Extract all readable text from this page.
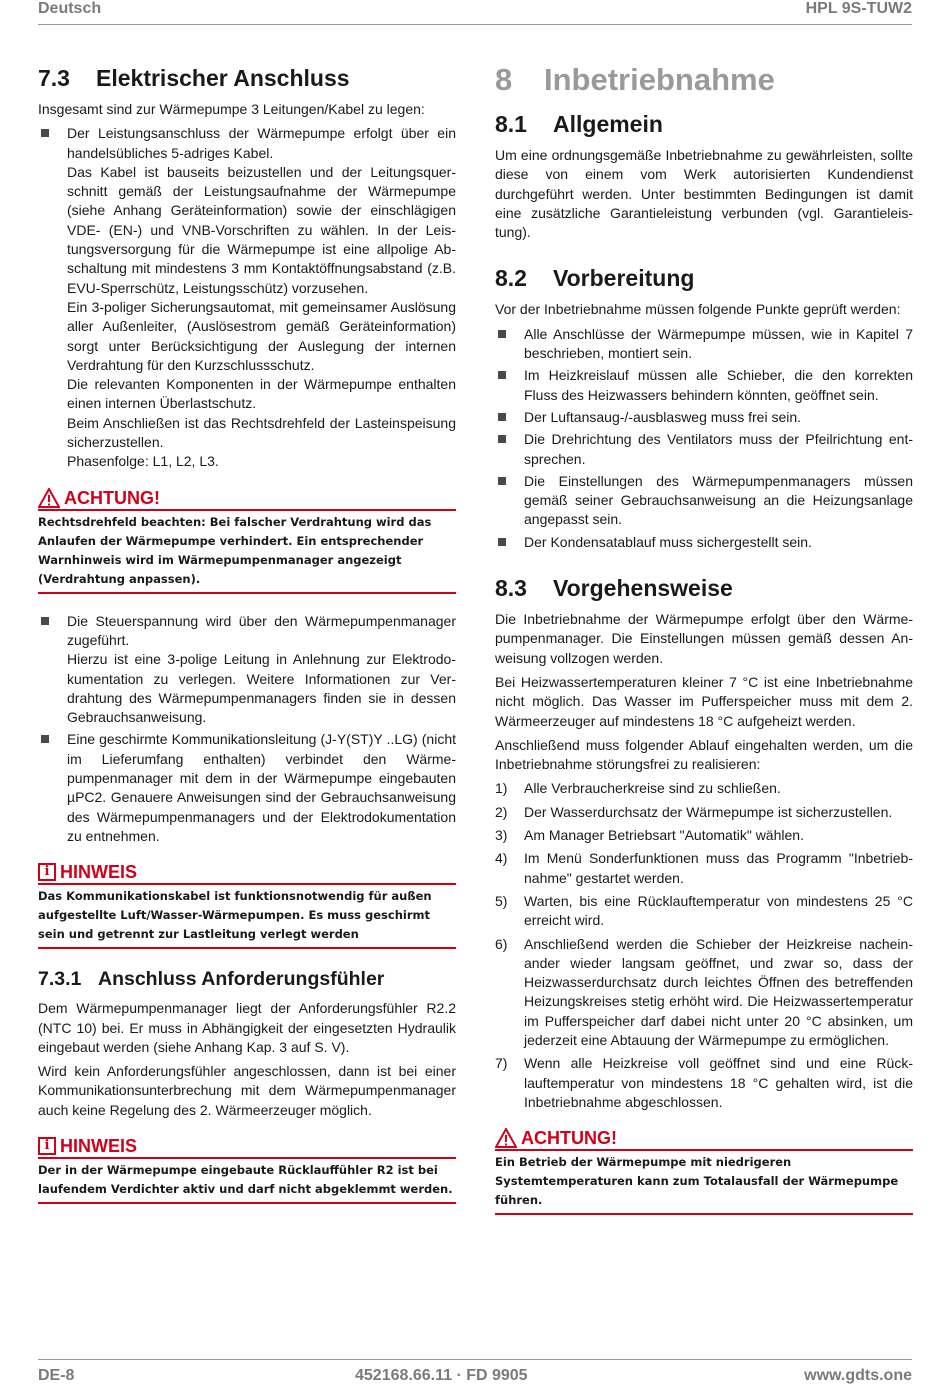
Deutsch	HPL 9S-TUW2
7.3 Elektrischer Anschluss

Insgesamt sind zur Wärmepumpe 3 Leitungen/Kabel zu legen:

Der Leistungsanschluss der Wärmepumpe erfolgt über ein handelsübliches 5-adriges Kabel.

Das Kabel ist bauseits beizustellen und der Leitungsquerschnitt gemäß der Leistungsaufnahme der Wärmepumpe (siehe Anhang Geräteinformation) sowie der einschlägigen VDE- (EN-) und VNB-Vorschriften zu wählen. In der Leistungsversorgung für die Wärmepumpe ist eine allpolige Abschaltung mit mindestens 3 mm Kontaktöffnungsabstand (z.B. EVU-Sperrschütz, Leistungsschütz) vorzusehen.

Ein 3-poliger Sicherungsautomat, mit gemeinsamer Auslösung aller Außenleiter, (Auslösestrom gemäß Geräteinformation) sorgt unter Berücksichtigung der Auslegung der internen Verdrahtung für den Kurzschlussschutz.

Die relevanten Komponenten in der Wärmepumpe enthalten einen internen Überlastschutz.

Beim Anschließen ist das Rechtsdrehfeld der Lasteinspeisung sicherzustellen.

Phasenfolge: L1, L2, L3.

ACHTUNG!
Rechtsdrehfeld beachten: Bei falscher Verdrahtung wird das Anlaufen der Wärmepumpe verhindert. Ein entsprechender Warnhinweis wird im Wärmepumpenmanager angezeigt (Verdrahtung anpassen).

Die Steuerspannung wird über den Wärmepumpenmanager zugeführt.

Hierzu ist eine 3-polige Leitung in Anlehnung zur Elektrodokumentation zu verlegen. Weitere Informationen zur Verdrahtung des Wärmepumpenmanagers finden sie in dessen Gebrauchsanweisung.

Eine geschirmte Kommunikationsleitung (J-Y(ST)Y ..LG) (nicht im Lieferumfang enthalten) verbindet den Wärmepumpenmanager mit dem in der Wärmepumpe eingebauten µPC2. Genauere Anweisungen sind der Gebrauchsanweisung des Wärmepumpenmanagers und der Elektrodokumentation zu entnehmen.

i HINWEIS
Das Kommunikationskabel ist funktionsnotwendig für außen aufgestellte Luft/Wasser-Wärmepumpen. Es muss geschirmt sein und getrennt zur Lastleitung verlegt werden
7.3.1 Anschluss Anforderungsfühler

Dem Wärmepumpenmanager liegt der Anforderungsfühler R2.2 (NTC 10) bei. Er muss in Abhängigkeit der eingesetzten Hydraulik eingebaut werden (siehe Anhang Kap. 3 auf S. V).

Wird kein Anforderungsfühler angeschlossen, dann ist bei einer Kommunikationsunterbrechung mit dem Wärmepumpenmanager auch keine Regelung des 2. Wärmeerzeuger möglich.

i HINWEIS
Der in der Wärmepumpe eingebaute Rücklauffühler R2 ist bei laufendem Verdichter aktiv und darf nicht abgeklemmt werden.
8 Inbetriebnahme
8.1 Allgemein

Um eine ordnungsgemäße Inbetriebnahme zu gewährleisten, sollte diese von einem vom Werk autorisierten Kundendienst durchgeführt werden. Unter bestimmten Bedingungen ist damit eine zusätzliche Garantieleistung verbunden (vgl. Garantieleistung).

8.2 Vorbereitung

Vor der Inbetriebnahme müssen folgende Punkte geprüft werden:

Alle Anschlüsse der Wärmepumpe müssen, wie in Kapitel 7 beschrieben, montiert sein.

Im Heizkreislauf müssen alle Schieber, die den korrekten Fluss des Heizwassers behindern könnten, geöffnet sein.

Der Luftansaug-/-ausblasweg muss frei sein.

Die Drehrichtung des Ventilators muss der Pfeilrichtung entsprechen.

Die Einstellungen des Wärmepumpenmanagers müssen gemäß seiner Gebrauchsanweisung an die Heizungsanlage angepasst sein.

Der Kondensatablauf muss sichergestellt sein.

8.3 Vorgehensweise

Die Inbetriebnahme der Wärmepumpe erfolgt über den Wärmepumpenmanager. Die Einstellungen müssen gemäß dessen Anweisung vollzogen werden.

Bei Heizwassertemperaturen kleiner 7 °C ist eine Inbetriebnahme nicht möglich. Das Wasser im Pufferspeicher muss mit dem 2. Wärmeerzeuger auf mindestens 18 °C aufgeheizt werden.

Anschließend muss folgender Ablauf eingehalten werden, um die Inbetriebnahme störungsfrei zu realisieren:

1) Alle Verbraucherkreise sind zu schließen.

2) Der Wasserdurchsatz der Wärmepumpe ist sicherzustellen.

3) Am Manager Betriebsart "Automatik" wählen.

4) Im Menü Sonderfunktionen muss das Programm "Inbetriebnahme" gestartet werden.

5) Warten, bis eine Rücklauftemperatur von mindestens 25 °C erreicht wird.

6) Anschließend werden die Schieber der Heizkreise nacheinander wieder langsam geöffnet, und zwar so, dass der Heizwasserdurchsatz durch leichtes Öffnen des betreffenden Heizungskreises stetig erhöht wird. Die Heizwassertemperatur im Pufferspeicher darf dabei nicht unter 20 °C absinken, um jederzeit eine Abtauung der Wärmepumpe zu ermöglichen.

7) Wenn alle Heizkreise voll geöffnet sind und eine Rücklauftemperatur von mindestens 18 °C gehalten wird, ist die Inbetriebnahme abgeschlossen.

ACHTUNG!
Ein Betrieb der Wärmepumpe mit niedrigeren Systemtemperaturen kann zum Totalausfall der Wärmepumpe führen.
DE-8	452168.66.11 · FD 9905	www.gdts.one
